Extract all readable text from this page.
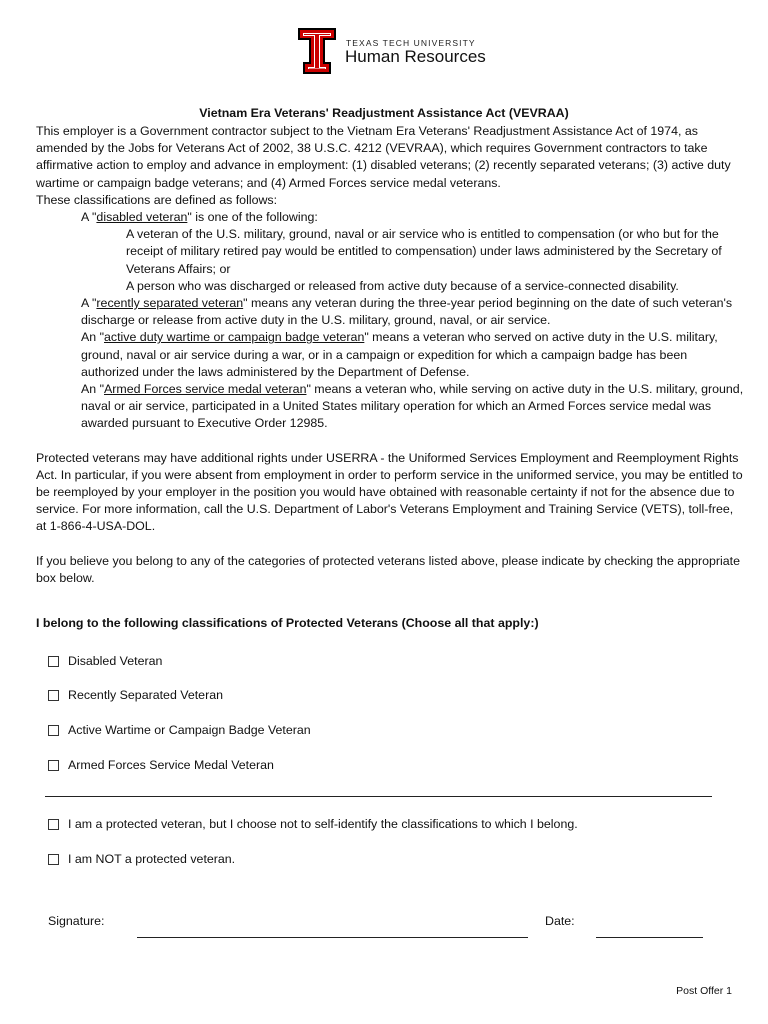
TEXAS TECH UNIVERSITY
Human Resources
Vietnam Era Veterans' Readjustment Assistance Act (VEVRAA)

This employer is a Government contractor subject to the Vietnam Era Veterans' Readjustment Assistance Act of 1974, as amended by the Jobs for Veterans Act of 2002, 38 U.S.C. 4212 (VEVRAA), which requires Government contractors to take affirmative action to employ and advance in employment: (1) disabled veterans; (2) recently separated veterans; (3) active duty wartime or campaign badge veterans; and (4) Armed Forces service medal veterans.

These classifications are defined as follows:

A "disabled veteran" is one of the following:

A veteran of the U.S. military, ground, naval or air service who is entitled to compensation (or who but for the receipt of military retired pay would be entitled to compensation) under laws administered by the Secretary of Veterans Affairs; or

A person who was discharged or released from active duty because of a service-connected disability.

A "recently separated veteran" means any veteran during the three-year period beginning on the date of such veteran's discharge or release from active duty in the U.S. military, ground, naval, or air service.

An "active duty wartime or campaign badge veteran" means a veteran who served on active duty in the U.S. military, ground, naval or air service during a war, or in a campaign or expedition for which a campaign badge has been authorized under the laws administered by the Department of Defense.

An "Armed Forces service medal veteran" means a veteran who, while serving on active duty in the U.S. military, ground, naval or air service, participated in a United States military operation for which an Armed Forces service medal was awarded pursuant to Executive Order 12985.

Protected veterans may have additional rights under USERRA - the Uniformed Services Employment and Reemployment Rights Act. In particular, if you were absent from employment in order to perform service in the uniformed service, you may be entitled to be reemployed by your employer in the position you would have obtained with reasonable certainty if not for the absence due to service. For more information, call the U.S. Department of Labor's Veterans Employment and Training Service (VETS), toll-free, at 1-866-4-USA-DOL.

If you believe you belong to any of the categories of protected veterans listed above, please indicate by checking the appropriate box below.

I belong to the following classifications of Protected Veterans (Choose all that apply:)
Disabled Veteran
Recently Separated Veteran
Active Wartime or Campaign Badge Veteran
Armed Forces Service Medal Veteran
I am a protected veteran, but I choose not to self-identify the classifications to which I belong.
I am NOT a protected veteran.
Signature:	Date:
Post Offer 1
